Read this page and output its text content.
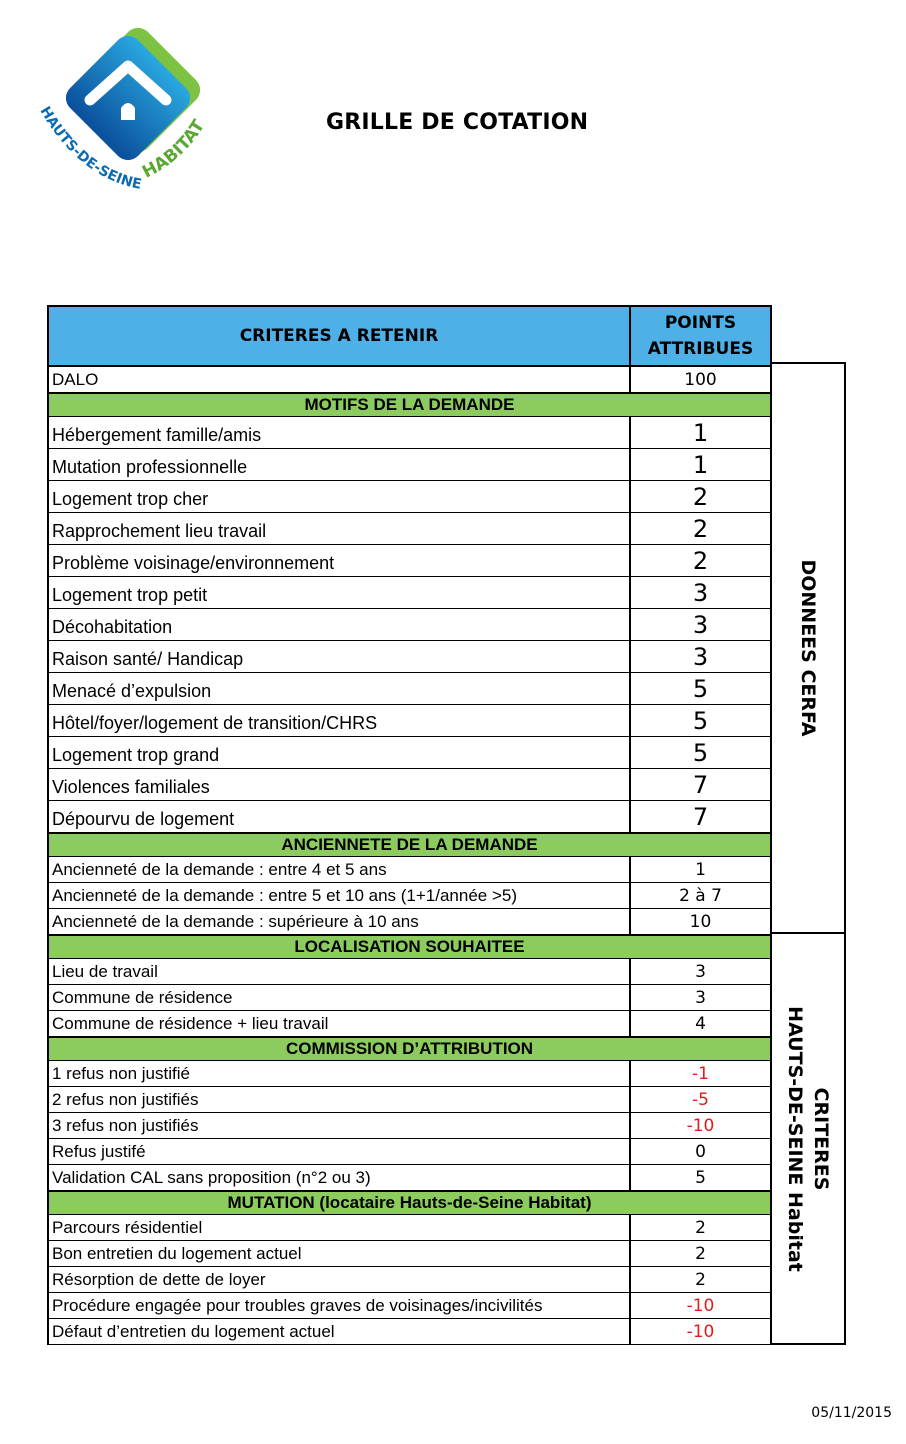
HAUTS-DE-SEINE
HABITAT	GRILLE DE COTATION
CRITERES A RETENIR
POINTS
ATTRIBUES
DALO	100
MOTIFS DE LA DEMANDE
Hébergement famille/amis	1
Mutation professionnelle	1
Logement trop cher	2
Rapprochement lieu travail	2
Problème voisinage/environnement	2
Logement trop petit	3
Décohabitation	3
Raison santé/ Handicap	3
Menacé d’expulsion	5
Hôtel/foyer/logement de transition/CHRS	5
Logement trop grand	5
Violences familiales	7
Dépourvu de logement	7
ANCIENNETE DE LA DEMANDE
Ancienneté de la demande : entre 4 et 5 ans	1
Ancienneté de la demande : entre 5 et 10 ans (1+1/année >5)	2 à 7
Ancienneté de la demande : supérieure à 10 ans	10
LOCALISATION SOUHAITEE
Lieu de travail	3
Commune de résidence	3
Commune de résidence + lieu travail	4
COMMISSION D’ATTRIBUTION
1 refus non justifié	-1
2 refus non justifiés	-5
3 refus non justifiés	-10
Refus justifé	0
Validation CAL sans proposition (n°2 ou 3)	5
MUTATION (locataire Hauts-de-Seine Habitat)
Parcours résidentiel	2
Bon entretien du logement actuel	2
Résorption de dette de loyer	2
Procédure engagée pour troubles graves de voisinages/incivilités	-10
Défaut d’entretien du logement actuel	-10
DONNEES CERFA
CRITERES
HAUTS-DE-SEINE Habitat
05/11/2015
